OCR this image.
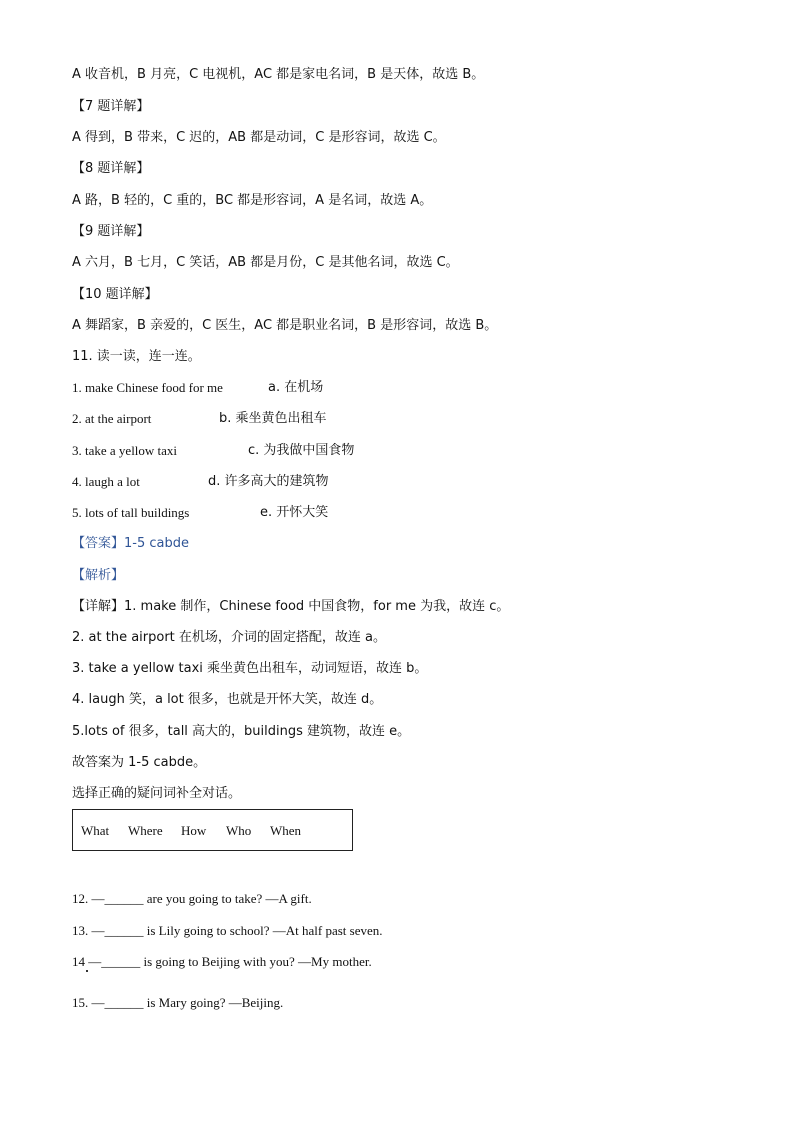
A 收音机，B 月亮，C 电视机，AC 都是家电名词，B 是天体，故选 B。
【7 题详解】
A 得到，B 带来，C 迟的，AB 都是动词，C 是形容词，故选 C。
【8 题详解】
A 路，B 轻的，C 重的，BC 都是形容词，A 是名词，故选 A。
【9 题详解】
A 六月，B 七月，C 笑话，AB 都是月份，C 是其他名词，故选 C。
【10 题详解】
A 舞蹈家，B 亲爱的，C 医生，AC 都是职业名词，B 是形容词，故选 B。
11. 读一读，连一连。
1. make Chinese food for me	a. 在机场
2. at the airport	b. 乘坐黄色出租车
3. take a yellow taxi	c. 为我做中国食物
4. laugh a lot	d. 许多高大的建筑物
5. lots of tall buildings	e. 开怀大笑
【答案】1-5 cabde
【解析】
【详解】1. make 制作，Chinese food 中国食物，for me 为我，故连 c。
2. at the airport 在机场，介词的固定搭配，故连 a。
3. take a yellow taxi 乘坐黄色出租车，动词短语，故连 b。
4. laugh 笑，a lot 很多，也就是开怀大笑，故连 d。
5.lots of 很多，tall 高大的，buildings 建筑物，故连 e。
故答案为 1-5 cabde。
选择正确的疑问词补全对话。
What Where How Who When
12. —______ are you going to take? —A gift.
13. —______ is Lily going to school? —At half past seven.
14 —______ is going to Beijing with you? —My mother.
15. —______ is Mary going? —Beijing.
